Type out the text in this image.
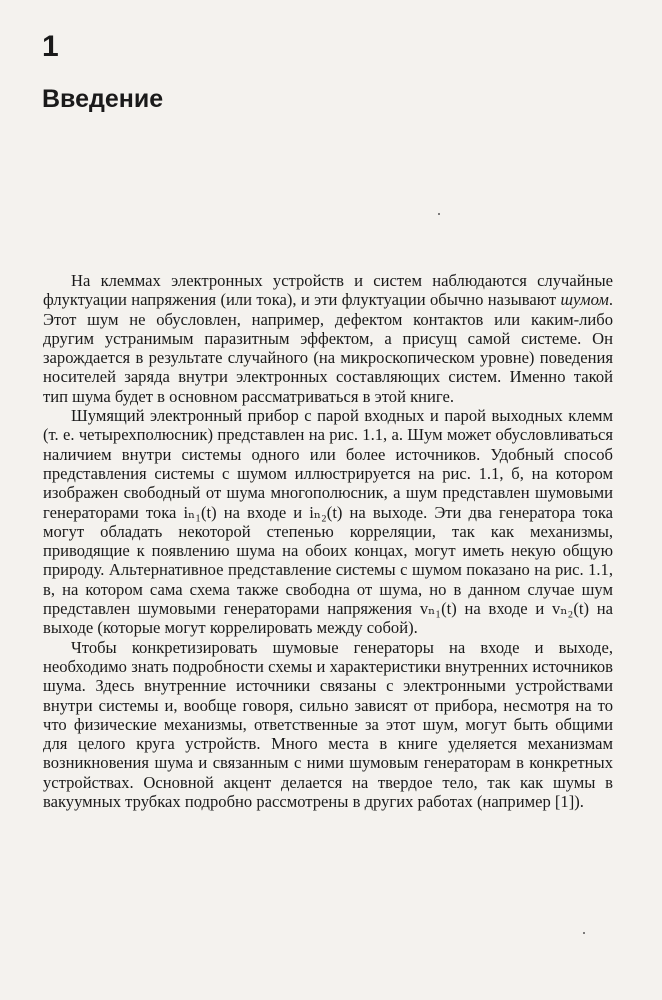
1
Введение

На клеммах электронных устройств и систем наблюдаются случайные флуктуации напряжения (или тока), и эти флуктуации обычно называют шумом. Этот шум не обусловлен, например, дефектом контактов или каким-либо другим устранимым паразитным эффектом, а присущ самой системе. Он зарождается в результате случайного (на микроскопическом уровне) поведения носителей заряда внутри электронных составляющих систем. Именно такой тип шума будет в основном рассматриваться в этой книге.

Шумящий электронный прибор с парой входных и парой выходных клемм (т. е. четырехполюсник) представлен на рис. 1.1, а. Шум может обусловливаться наличием внутри системы одного или более источников. Удобный способ представления системы с шумом иллюстрируется на рис. 1.1, б, на котором изображен свободный от шума многополюсник, а шум представлен шумовыми генераторами тока iₙ₁(t) на входе и iₙ₂(t) на выходе. Эти два генератора тока могут обладать некоторой степенью корреляции, так как механизмы, приводящие к появлению шума на обоих концах, могут иметь некую общую природу. Альтернативное представление системы с шумом показано на рис. 1.1, в, на котором сама схема также свободна от шума, но в данном случае шум представлен шумовыми генераторами напряжения vₙ₁(t) на входе и vₙ₂(t) на выходе (которые могут коррелировать между собой).

Чтобы конкретизировать шумовые генераторы на входе и выходе, необходимо знать подробности схемы и характеристики внутренних источников шума. Здесь внутренние источники связаны с электронными устройствами внутри системы и, вообще говоря, сильно зависят от прибора, несмотря на то что физические механизмы, ответственные за этот шум, могут быть общими для целого круга устройств. Много места в книге уделяется механизмам возникновения шума и связанным с ними шумовым генераторам в конкретных устройствах. Основной акцент делается на твердое тело, так как шумы в вакуумных трубках подробно рассмотрены в других работах (например [1]).
